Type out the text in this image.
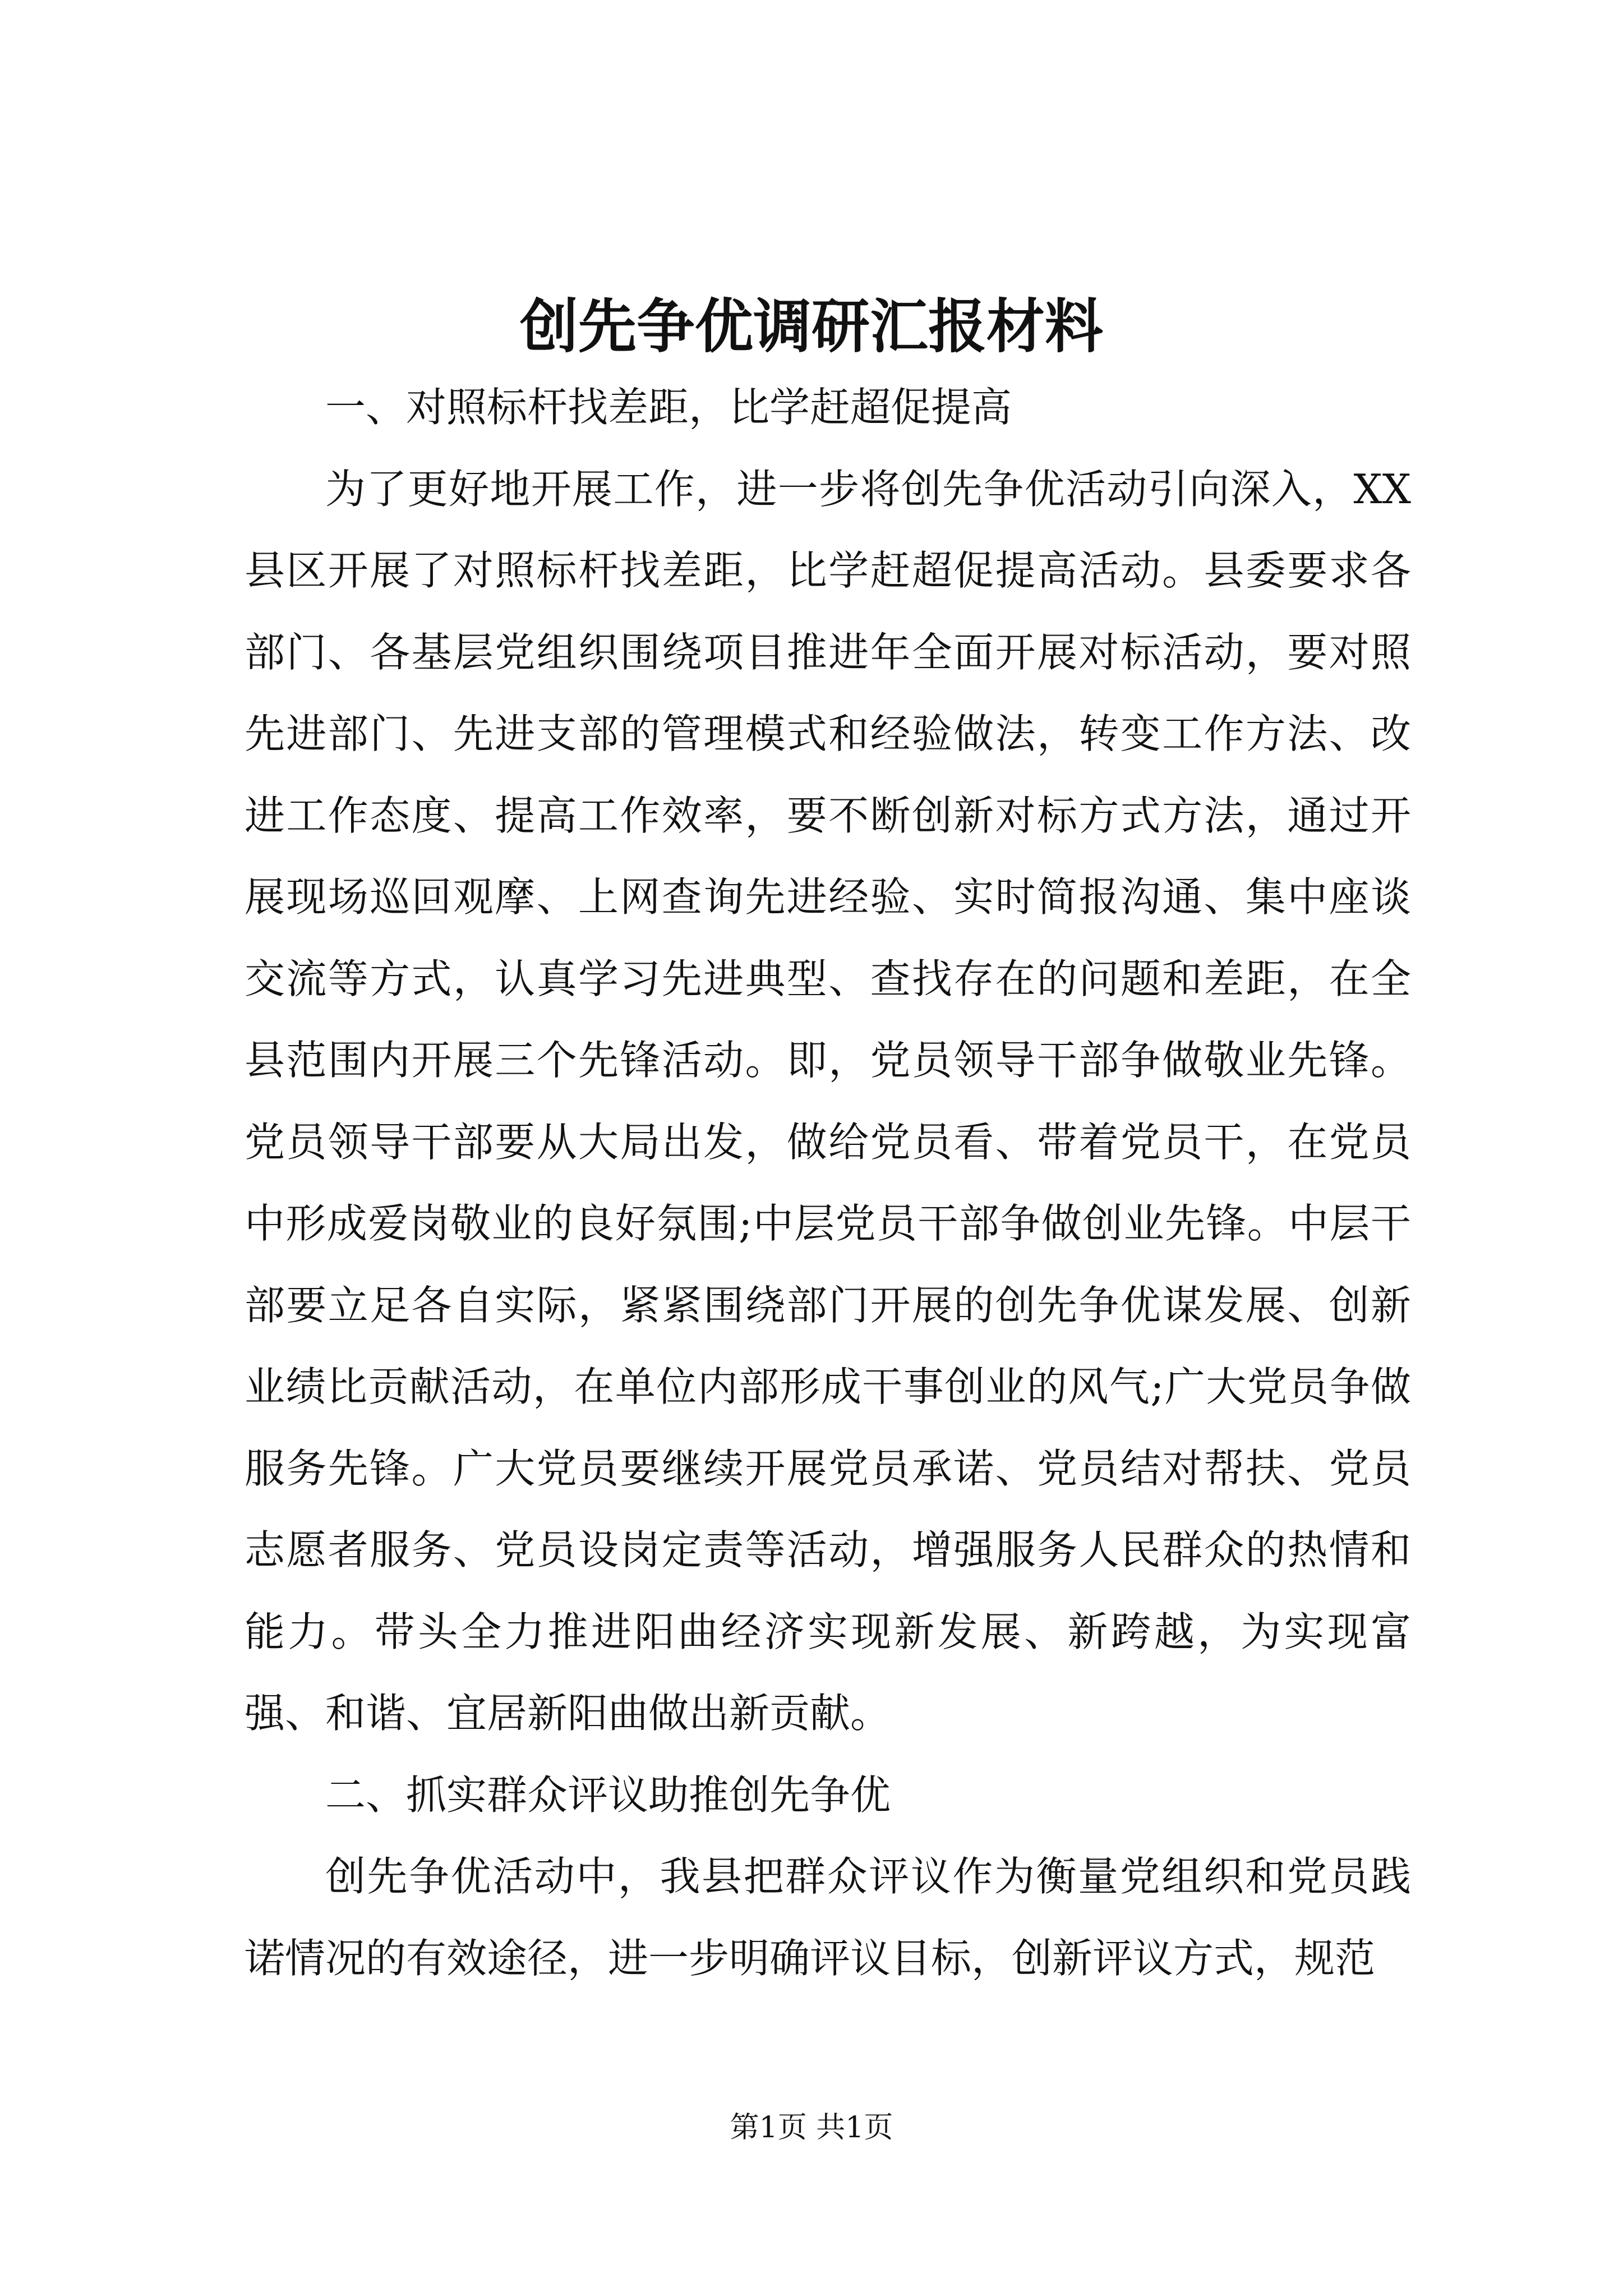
创先争优调研汇报材料

一、对照标杆找差距，比学赶超促提高

为了更好地开展工作，进一步将创先争优活动引向深入，XX县区开展了对照标杆找差距，比学赶超促提高活动。县委要求各部门、各基层党组织围绕项目推进年全面开展对标活动，要对照先进部门、先进支部的管理模式和经验做法，转变工作方法、改进工作态度、提高工作效率，要不断创新对标方式方法，通过开展现场巡回观摩、上网查询先进经验、实时简报沟通、集中座谈交流等方式，认真学习先进典型、查找存在的问题和差距，在全县范围内开展三个先锋活动。即，党员领导干部争做敬业先锋。党员领导干部要从大局出发，做给党员看、带着党员干，在党员中形成爱岗敬业的良好氛围;中层党员干部争做创业先锋。中层干部要立足各自实际，紧紧围绕部门开展的创先争优谋发展、创新业绩比贡献活动，在单位内部形成干事创业的风气;广大党员争做服务先锋。广大党员要继续开展党员承诺、党员结对帮扶、党员志愿者服务、党员设岗定责等活动，增强服务人民群众的热情和能力。带头全力推进阳曲经济实现新发展、新跨越，为实现富强、和谐、宜居新阳曲做出新贡献。

二、抓实群众评议助推创先争优

创先争优活动中，我县把群众评议作为衡量党组织和党员践诺情况的有效途径，进一步明确评议目标，创新评议方式，规范

第1页 共1页
